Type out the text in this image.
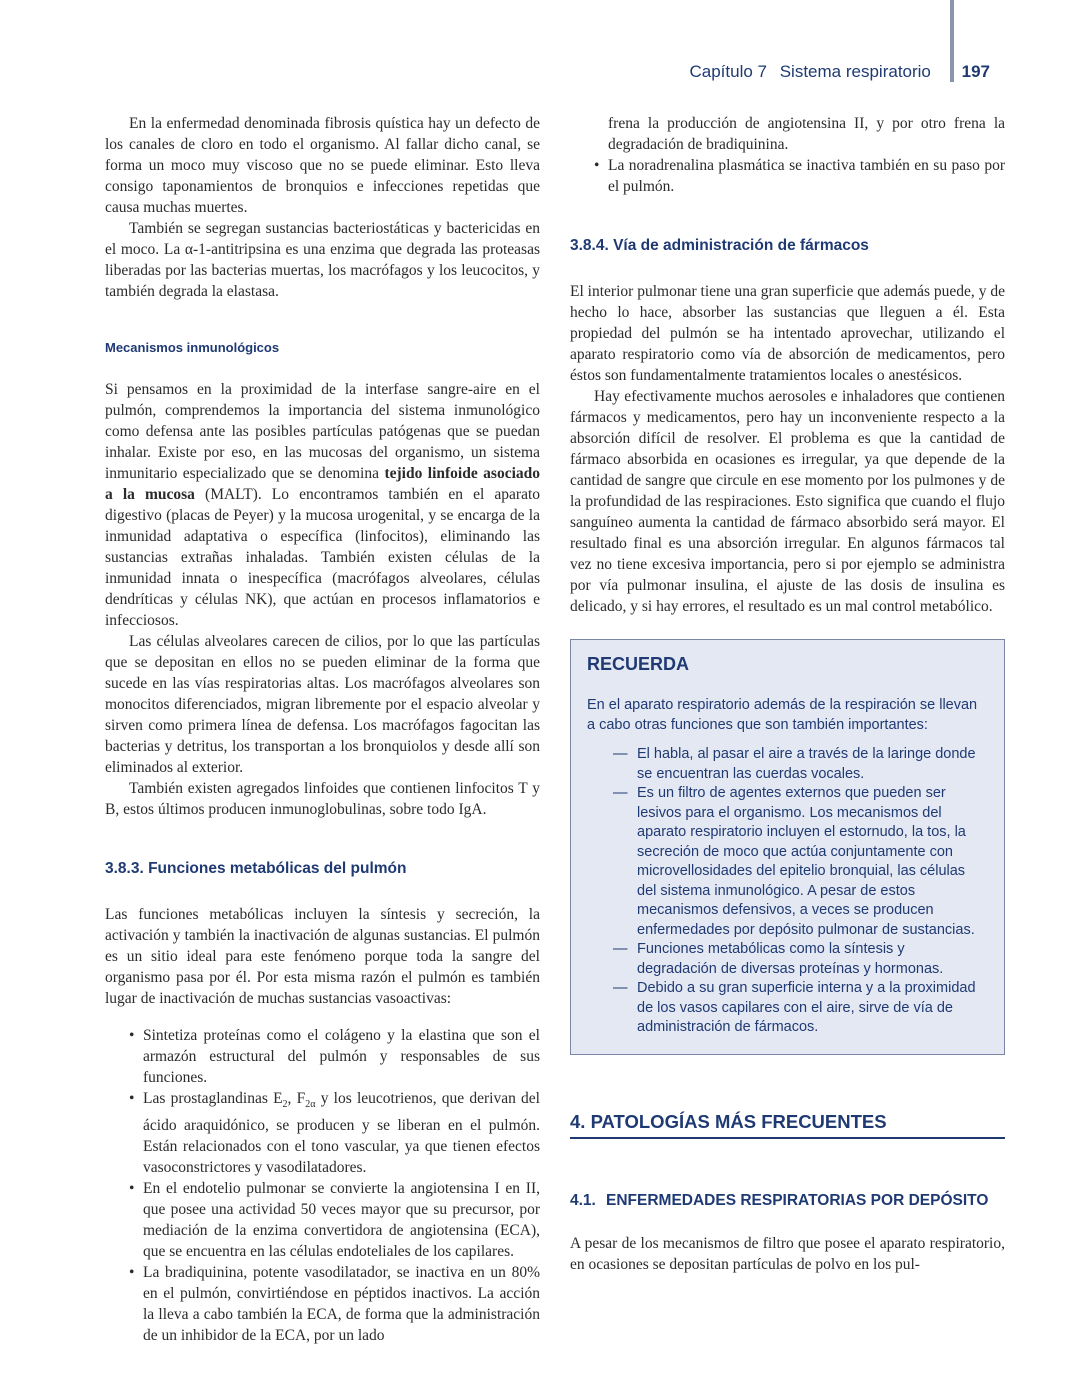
Capítulo 7 Sistema respiratorio 197

En la enfermedad denominada fibrosis quística hay un defecto de los canales de cloro en todo el organismo. Al fallar dicho canal, se forma un moco muy viscoso que no se puede eliminar. Esto lleva consigo taponamientos de bronquios e infecciones repetidas que causa muchas muertes.

También se segregan sustancias bacteriostáticas y bactericidas en el moco. La α-1-antitripsina es una enzima que degrada las proteasas liberadas por las bacterias muertas, los macrófagos y los leucocitos, y también degrada la elastasa.

Mecanismos inmunológicos

Si pensamos en la proximidad de la interfase sangre-aire en el pulmón, comprendemos la importancia del sistema inmunológico como defensa ante las posibles partículas patógenas que se puedan inhalar. Existe por eso, en las mucosas del organismo, un sistema inmunitario especializado que se denomina tejido linfoide asociado a la mucosa (MALT). Lo encontramos también en el aparato digestivo (placas de Peyer) y la mucosa urogenital, y se encarga de la inmunidad adaptativa o específica (linfocitos), eliminando las sustancias extrañas inhaladas. También existen células de la inmunidad innata o inespecífica (macrófagos alveolares, células dendríticas y células NK), que actúan en procesos inflamatorios e infecciosos.

Las células alveolares carecen de cilios, por lo que las partículas que se depositan en ellos no se pueden eliminar de la forma que sucede en las vías respiratorias altas. Los macrófagos alveolares son monocitos diferenciados, migran libremente por el espacio alveolar y sirven como primera línea de defensa. Los macrófagos fagocitan las bacterias y detritus, los transportan a los bronquiolos y desde allí son eliminados al exterior.

También existen agregados linfoides que contienen linfocitos T y B, estos últimos producen inmunoglobulinas, sobre todo IgA.

3.8.3. Funciones metabólicas del pulmón

Las funciones metabólicas incluyen la síntesis y secreción, la activación y también la inactivación de algunas sustancias. El pulmón es un sitio ideal para este fenómeno porque toda la sangre del organismo pasa por él. Por esta misma razón el pulmón es también lugar de inactivación de muchas sustancias vasoactivas:

• Sintetiza proteínas como el colágeno y la elastina que son el armazón estructural del pulmón y responsables de sus funciones.
• Las prostaglandinas $E_2$, $F_{2\alpha}$ y los leucotrienos, que derivan del ácido araquidónico, se producen y se liberan en el pulmón. Están relacionados con el tono vascular, ya que tienen efectos vasoconstrictores y vasodilatadores.
• En el endotelio pulmonar se convierte la angiotensina I en II, que posee una actividad 50 veces mayor que su precursor, por mediación de la enzima convertidora de angiotensina (ECA), que se encuentra en las células endoteliales de los capilares.
• La bradiquinina, potente vasodilatador, se inactiva en un 80% en el pulmón, convirtiéndose en péptidos inactivos. La acción la lleva a cabo también la ECA, de forma que la administración de un inhibidor de la ECA, por un lado
frena la producción de angiotensina II, y por otro frena la degradación de bradiquinina.
• La noradrenalina plasmática se inactiva también en su paso por el pulmón.
3.8.4. Vía de administración de fármacos

El interior pulmonar tiene una gran superficie que además puede, y de hecho lo hace, absorber las sustancias que lleguen a él. Esta propiedad del pulmón se ha intentado aprovechar, utilizando el aparato respiratorio como vía de absorción de medicamentos, pero éstos son fundamentalmente tratamientos locales o anestésicos.

Hay efectivamente muchos aerosoles e inhaladores que contienen fármacos y medicamentos, pero hay un inconveniente respecto a la absorción difícil de resolver. El problema es que la cantidad de fármaco absorbida en ocasiones es irregular, ya que depende de la cantidad de sangre que circule en ese momento por los pulmones y de la profundidad de las respiraciones. Esto significa que cuando el flujo sanguíneo aumenta la cantidad de fármaco absorbido será mayor. El resultado final es una absorción irregular. En algunos fármacos tal vez no tiene excesiva importancia, pero si por ejemplo se administra por vía pulmonar insulina, el ajuste de las dosis de insulina es delicado, y si hay errores, el resultado es un mal control metabólico.

RECUERDA
En el aparato respiratorio además de la respiración se llevan a cabo otras funciones que son también importantes:
— El habla, al pasar el aire a través de la laringe donde se encuentran las cuerdas vocales.
— Es un filtro de agentes externos que pueden ser lesivos para el organismo. Los mecanismos del aparato respiratorio incluyen el estornudo, la tos, la secreción de moco que actúa conjuntamente con microvellosidades del epitelio bronquial, las células del sistema inmunológico. A pesar de estos mecanismos defensivos, a veces se producen enfermedades por depósito pulmonar de sustancias.
— Funciones metabólicas como la síntesis y degradación de diversas proteínas y hormonas.
— Debido a su gran superficie interna y a la proximidad de los vasos capilares con el aire, sirve de vía de administración de fármacos.
4. PATOLOGÍAS MÁS FRECUENTES
4.1. ENFERMEDADES RESPIRATORIAS POR DEPÓSITO

A pesar de los mecanismos de filtro que posee el aparato respiratorio, en ocasiones se depositan partículas de polvo en los pul-
